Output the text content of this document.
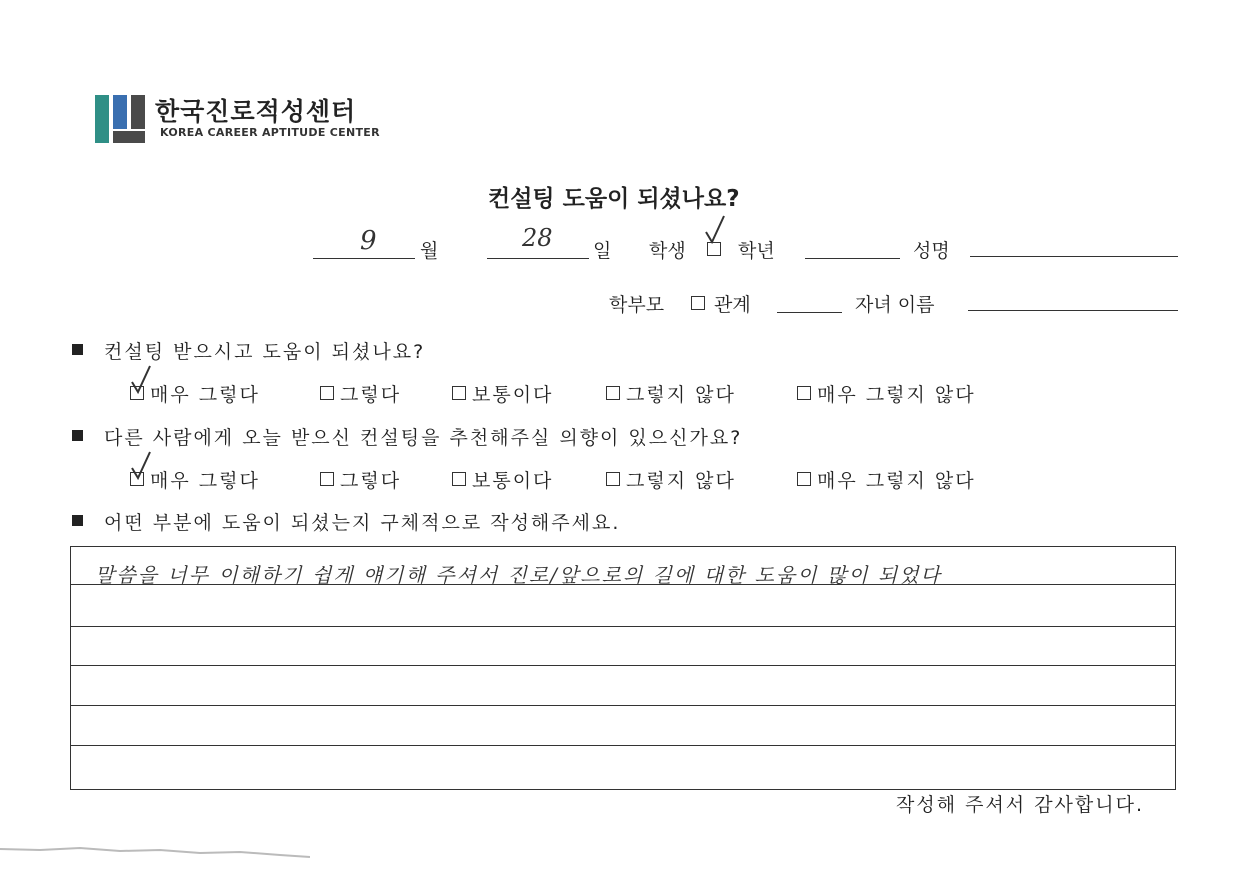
한국진로적성센터
KOREA CAREER APTITUDE CENTER
컨설팅 도움이 되셨나요?
9 월	28 일 학생	학년	성명
학부모	관계	자녀 이름
컨설팅 받으시고 도움이 되셨나요?
매우 그렇다	그렇다	보통이다	그렇지 않다	매우 그렇지 않다
다른 사람에게 오늘 받으신 컨설팅을 추천해주실 의향이 있으신가요?
매우 그렇다	그렇다	보통이다	그렇지 않다	매우 그렇지 않다
어떤 부분에 도움이 되셨는지 구체적으로 작성해주세요.
말씀을 너무 이해하기 쉽게 얘기해 주셔서 진로/앞으로의 길에 대한 도움이 많이 되었다
작성해 주셔서 감사합니다.
